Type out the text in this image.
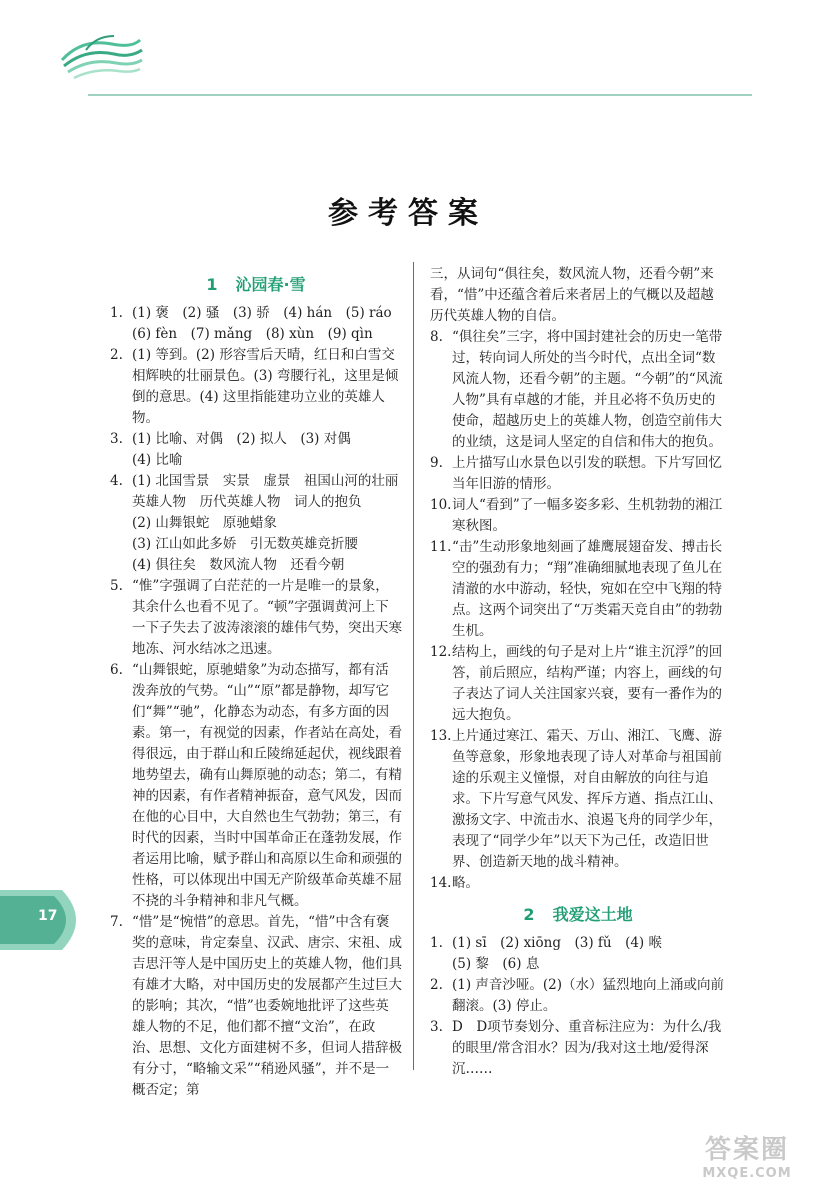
参考答案
1 沁园春·雪
1. (1) 褒　(2) 骚　(3) 骄　(4) hán　(5) ráo
(6) fèn　(7) mǎng　(8) xùn　(9) qìn
2. (1) 等到。(2) 形容雪后天晴，红日和白雪交相辉映的壮丽景色。(3) 弯腰行礼，这里是倾倒的意思。(4) 这里指能建功立业的英雄人物。
3. (1) 比喻、对偶　(2) 拟人　(3) 对偶
(4) 比喻
4. (1) 北国雪景　实景　虚景　祖国山河的壮丽　英雄人物　历代英雄人物　词人的抱负
(2) 山舞银蛇　原驰蜡象
(3) 江山如此多娇　引无数英雄竞折腰
(4) 俱往矣　数风流人物　还看今朝
5. “惟”字强调了白茫茫的一片是唯一的景象，其余什么也看不见了。“顿”字强调黄河上下一下子失去了波涛滚滚的雄伟气势，突出天寒地冻、河水结冰之迅速。
6. “山舞银蛇，原驰蜡象”为动态描写，都有活泼奔放的气势。“山”“原”都是静物，却写它们“舞”“驰”，化静态为动态，有多方面的因素。第一，有视觉的因素，作者站在高处，看得很远，由于群山和丘陵绵延起伏，视线跟着地势望去，确有山舞原驰的动态；第二，有精神的因素，有作者精神振奋，意气风发，因而在他的心目中，大自然也生气勃勃；第三，有时代的因素，当时中国革命正在蓬勃发展，作者运用比喻，赋予群山和高原以生命和顽强的性格，可以体现出中国无产阶级革命英雄不屈不挠的斗争精神和非凡气概。
7. “惜”是“惋惜”的意思。首先，“惜”中含有褒奖的意味，肯定秦皇、汉武、唐宗、宋祖、成吉思汗等人是中国历史上的英雄人物，他们具有雄才大略，对中国历史的发展都产生过巨大的影响；其次，“惜”也委婉地批评了这些英雄人物的不足，他们都不擅“文治”，在政治、思想、文化方面建树不多，但词人措辞极有分寸，“略输文采”“稍逊风骚”，并不是一概否定；第
三，从词句“俱往矣，数风流人物，还看今朝”来看，“惜”中还蕴含着后来者居上的气概以及超越历代英雄人物的自信。
8. “俱往矣”三字，将中国封建社会的历史一笔带过，转向词人所处的当今时代，点出全词“数风流人物，还看今朝”的主题。“今朝”的“风流人物”具有卓越的才能，并且必将不负历史的使命，超越历史上的英雄人物，创造空前伟大的业绩，这是词人坚定的自信和伟大的抱负。
9. 上片描写山水景色以引发的联想。下片写回忆当年旧游的情形。
10. 词人“看到”了一幅多姿多彩、生机勃勃的湘江寒秋图。
11. “击”生动形象地刻画了雄鹰展翅奋发、搏击长空的强劲有力；“翔”准确细腻地表现了鱼儿在清澈的水中游动，轻快，宛如在空中飞翔的特点。这两个词突出了“万类霜天竞自由”的勃勃生机。
12. 结构上，画线的句子是对上片“谁主沉浮”的回答，前后照应，结构严谨；内容上，画线的句子表达了词人关注国家兴衰，要有一番作为的远大抱负。
13. 上片通过寒江、霜天、万山、湘江、飞鹰、游鱼等意象，形象地表现了诗人对革命与祖国前途的乐观主义憧憬，对自由解放的向往与追求。下片写意气风发、挥斥方遒、指点江山、激扬文字、中流击水、浪遏飞舟的同学少年，表现了“同学少年”以天下为己任，改造旧世界、创造新天地的战斗精神。
14. 略。
2 我爱这土地
1. (1) sī　(2) xiōng　(3) fǔ　(4) 喉
(5) 黎　(6) 息
2. (1) 声音沙哑。(2)（水）猛烈地向上涌或向前翻滚。(3) 停止。
3. D　D项节奏划分、重音标注应为：为什么/我的眼里/常含泪水？因为/我对这土地/爱得深沉……
17
答案圈
MXQE.COM
